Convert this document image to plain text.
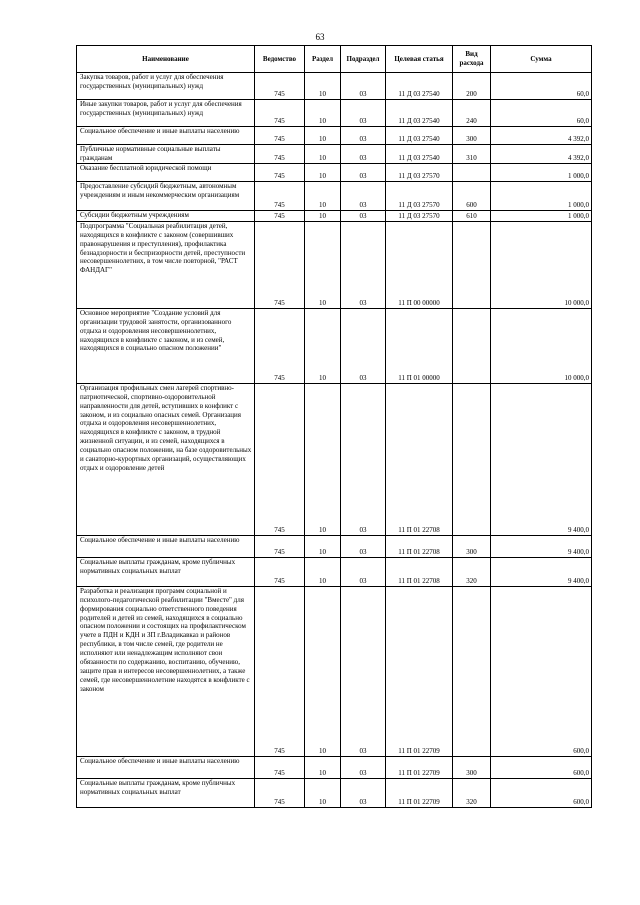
63
Наименование	Ведомство	Раздел	Подраздел	Целевая статья	Вид расхода	Сумма
Закупка товаров, работ и услуг для обеспечения государственных (муниципальных) нужд	745	10	03	11 Д 03 27540	200	60,0
Иные закупки товаров, работ и услуг для обеспечения государственных (муниципальных) нужд	745	10	03	11 Д 03 27540	240	60,0
Социальное обеспечение и иные выплаты населению	745	10	03	11 Д 03 27540	300	4 392,0
Публичные нормативные социальные выплаты гражданам	745	10	03	11 Д 03 27540	310	4 392,0
Оказание бесплатной юридической помощи	745	10	03	11 Д 03 27570		1 000,0
Предоставление субсидий бюджетным, автономным учреждениям и иным некоммерческим организациям	745	10	03	11 Д 03 27570	600	1 000,0
Субсидии бюджетным учреждениям	745	10	03	11 Д 03 27570	610	1 000,0
Подпрограмма "Социальная реабилитация детей, находящихся в конфликте с законом (совершивших правонарушения и преступления), профилактика безнадзорности и беспризорности детей, преступности несовершеннолетних, в том числе повторной, "РАСТ ФАНДАГ"	745	10	03	11 П 00 00000		10 000,0
Основное мероприятие "Создание условий для организации трудовой занятости, организованного отдыха и оздоровления несовершеннолетних, находящихся в конфликте с законом, и из семей, находящихся в социально опасном положении"	745	10	03	11 П 01 00000		10 000,0
Организация профильных смен лагерей спортивно-патриотической, спортивно-оздоровительной направленности для детей, вступивших в конфликт с законом, и из социально опасных семей. Организация отдыха и оздоровления несовершеннолетних, находящихся в конфликте с законом, в трудной жизненной ситуации, и из семей, находящихся в социально опасном положении, на базе оздоровительных и санаторно-курортных организаций, осуществляющих отдых и оздоровление детей	745	10	03	11 П 01 22708		9 400,0
Социальное обеспечение и иные выплаты населению	745	10	03	11 П 01 22708	300	9 400,0
Социальные выплаты гражданам, кроме публичных нормативных социальных выплат	745	10	03	11 П 01 22708	320	9 400,0
Разработка и реализация программ социальной и психолого-педагогической реабилитации "Вместе" для формирования социально ответственного поведения родителей и детей из семей, находящихся в социально опасном положении и состоящих на профилактическом учете в ПДН и КДН и ЗП г.Владикавказ и районов республики, в том числе семей, где родители не исполняют или ненадлежащим исполняют свои обязанности по содержанию, воспитанию, обучению, защите прав и интересов несовершеннолетних, а также семей, где несовершеннолетние находятся в конфликте с законом	745	10	03	11 П 01 22709		600,0
Социальное обеспечение и иные выплаты населению	745	10	03	11 П 01 22709	300	600,0
Социальные выплаты гражданам, кроме публичных нормативных социальных выплат	745	10	03	11 П 01 22709	320	600,0
